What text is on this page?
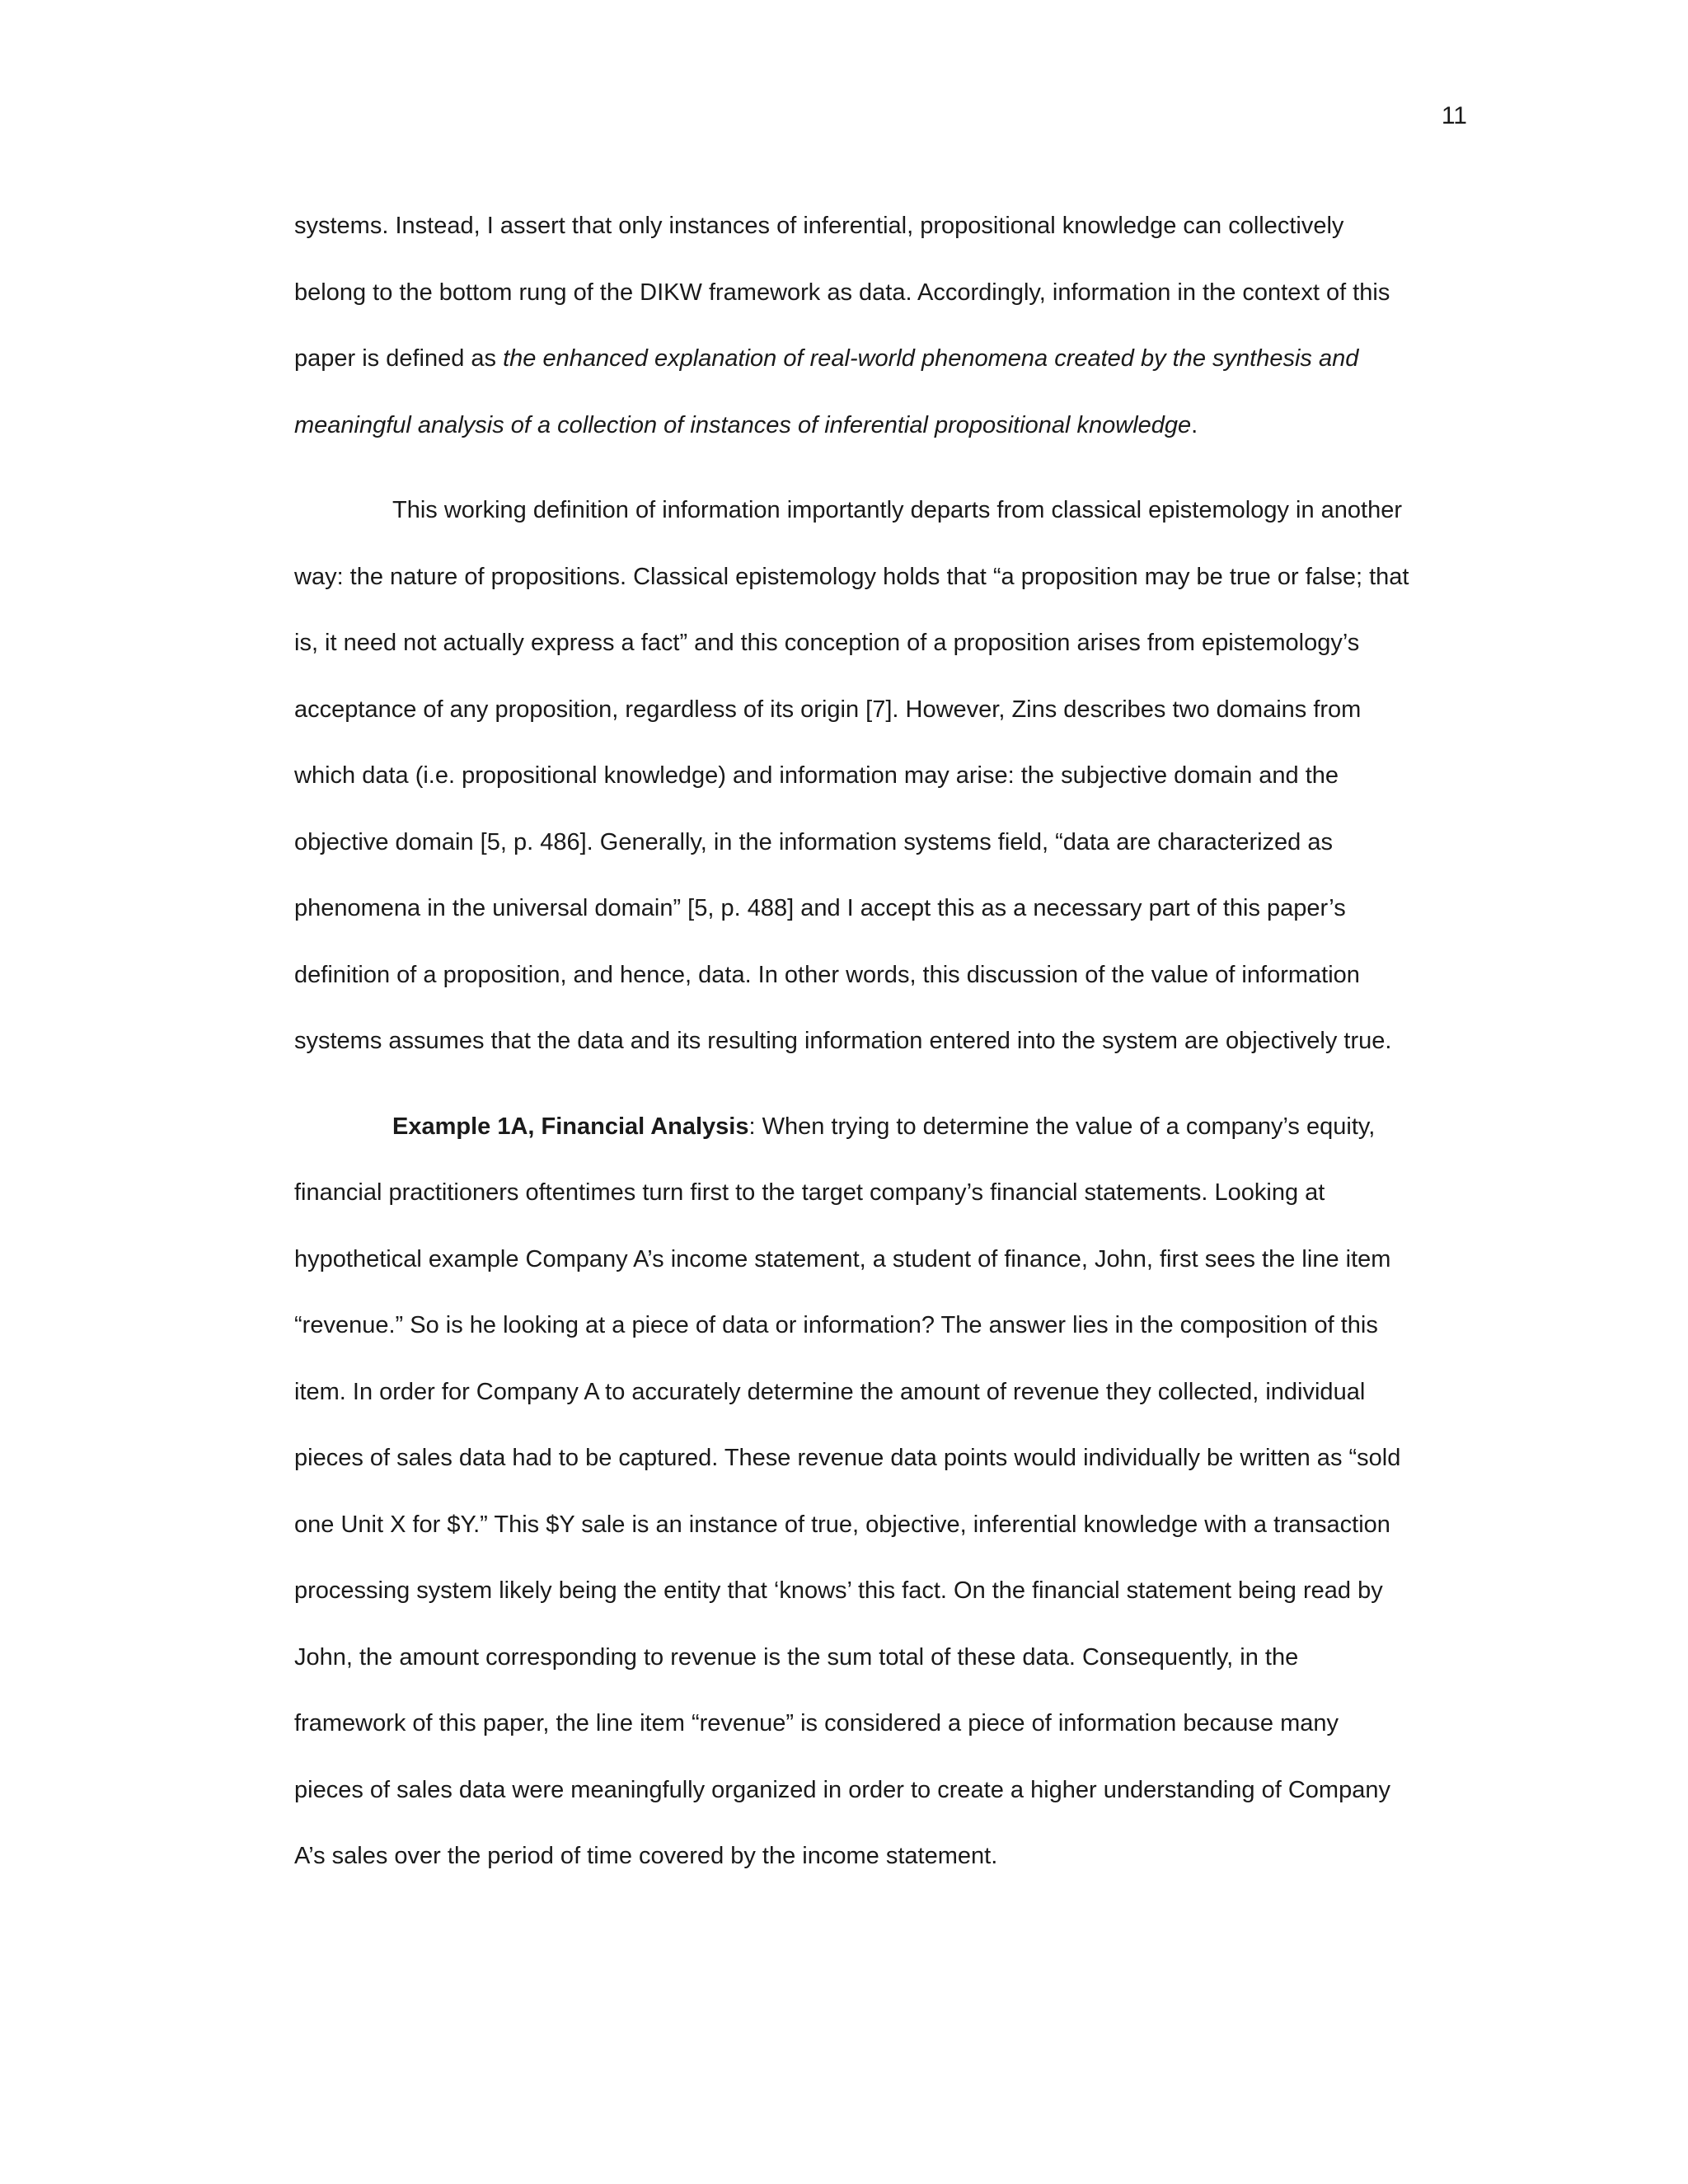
11
systems. Instead, I assert that only instances of inferential, propositional knowledge can collectively
belong to the bottom rung of the DIKW framework as data. Accordingly, information in the context of this
paper is defined as the enhanced explanation of real-world phenomena created by the synthesis and
meaningful analysis of a collection of instances of inferential propositional knowledge.
This working definition of information importantly departs from classical epistemology in another
way: the nature of propositions. Classical epistemology holds that “a proposition may be true or false; that
is, it need not actually express a fact” and this conception of a proposition arises from epistemology’s
acceptance of any proposition, regardless of its origin [7]. However, Zins describes two domains from
which data (i.e. propositional knowledge) and information may arise: the subjective domain and the
objective domain [5, p. 486]. Generally, in the information systems field, “data are characterized as
phenomena in the universal domain” [5, p. 488] and I accept this as a necessary part of this paper’s
definition of a proposition, and hence, data. In other words, this discussion of the value of information
systems assumes that the data and its resulting information entered into the system are objectively true.
Example 1A, Financial Analysis: When trying to determine the value of a company’s equity,
financial practitioners oftentimes turn first to the target company’s financial statements. Looking at
hypothetical example Company A’s income statement, a student of finance, John, first sees the line item
“revenue.” So is he looking at a piece of data or information? The answer lies in the composition of this
item. In order for Company A to accurately determine the amount of revenue they collected, individual
pieces of sales data had to be captured. These revenue data points would individually be written as “sold
one Unit X for $Y.” This $Y sale is an instance of true, objective, inferential knowledge with a transaction
processing system likely being the entity that ‘knows’ this fact. On the financial statement being read by
John, the amount corresponding to revenue is the sum total of these data. Consequently, in the
framework of this paper, the line item “revenue” is considered a piece of information because many
pieces of sales data were meaningfully organized in order to create a higher understanding of Company
A’s sales over the period of time covered by the income statement.
